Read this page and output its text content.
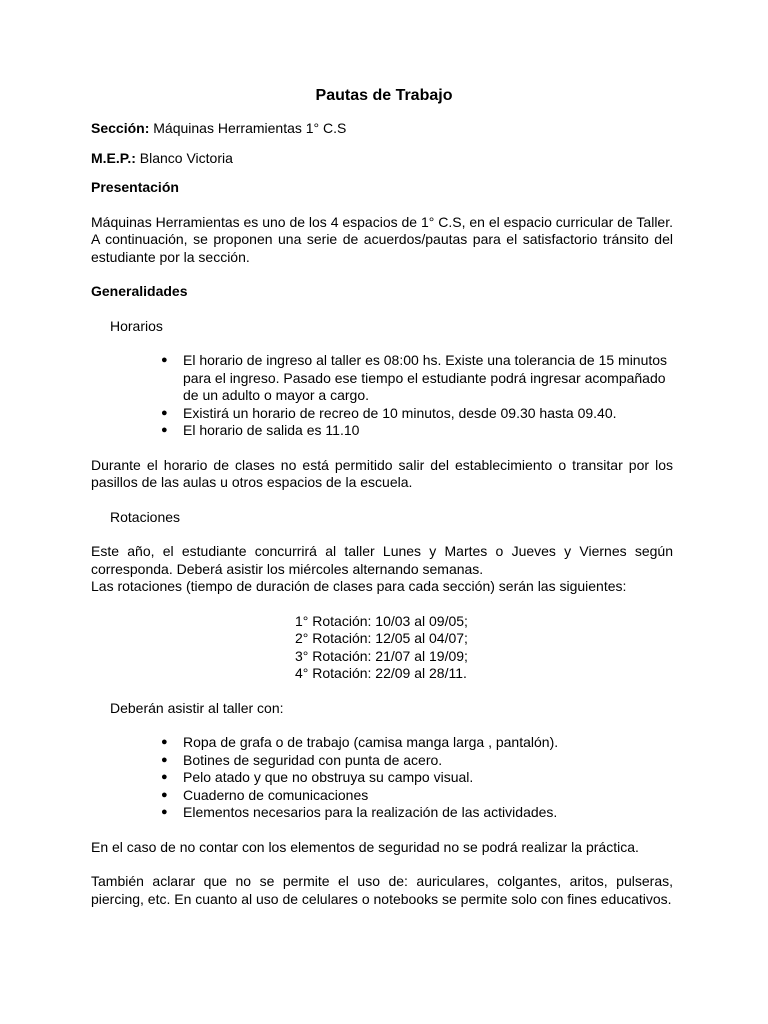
Pautas de Trabajo

Sección: Máquinas Herramientas 1° C.S

M.E.P.: Blanco Victoria

Presentación

Máquinas Herramientas es uno de los 4 espacios de 1° C.S, en el espacio curricular de Taller. A continuación, se proponen una serie de acuerdos/pautas para el satisfactorio tránsito del estudiante por la sección.

Generalidades

Horarios

● El horario de ingreso al taller es 08:00 hs. Existe una tolerancia de 15 minutos para el ingreso. Pasado ese tiempo el estudiante podrá ingresar acompañado de un adulto o mayor a cargo.
● Existirá un horario de recreo de 10 minutos, desde 09.30 hasta 09.40.
● El horario de salida es 11.10

Durante el horario de clases no está permitido salir del establecimiento o transitar por los pasillos de las aulas u otros espacios de la escuela.

Rotaciones

Este año, el estudiante concurrirá al taller Lunes y Martes o Jueves y Viernes según corresponda. Deberá asistir los miércoles alternando semanas.

Las rotaciones (tiempo de duración de clases para cada sección) serán las siguientes:

1° Rotación: 10/03 al 09/05;

2° Rotación: 12/05 al 04/07;

3° Rotación: 21/07 al 19/09;

4° Rotación: 22/09 al 28/11.

Deberán asistir al taller con:

● Ropa de grafa o de trabajo (camisa manga larga , pantalón).
● Botines de seguridad con punta de acero.
● Pelo atado y que no obstruya su campo visual.
● Cuaderno de comunicaciones
● Elementos necesarios para la realización de las actividades.

En el caso de no contar con los elementos de seguridad no se podrá realizar la práctica.

También aclarar que no se permite el uso de: auriculares, colgantes, aritos, pulseras, piercing, etc. En cuanto al uso de celulares o notebooks se permite solo con fines educativos.
